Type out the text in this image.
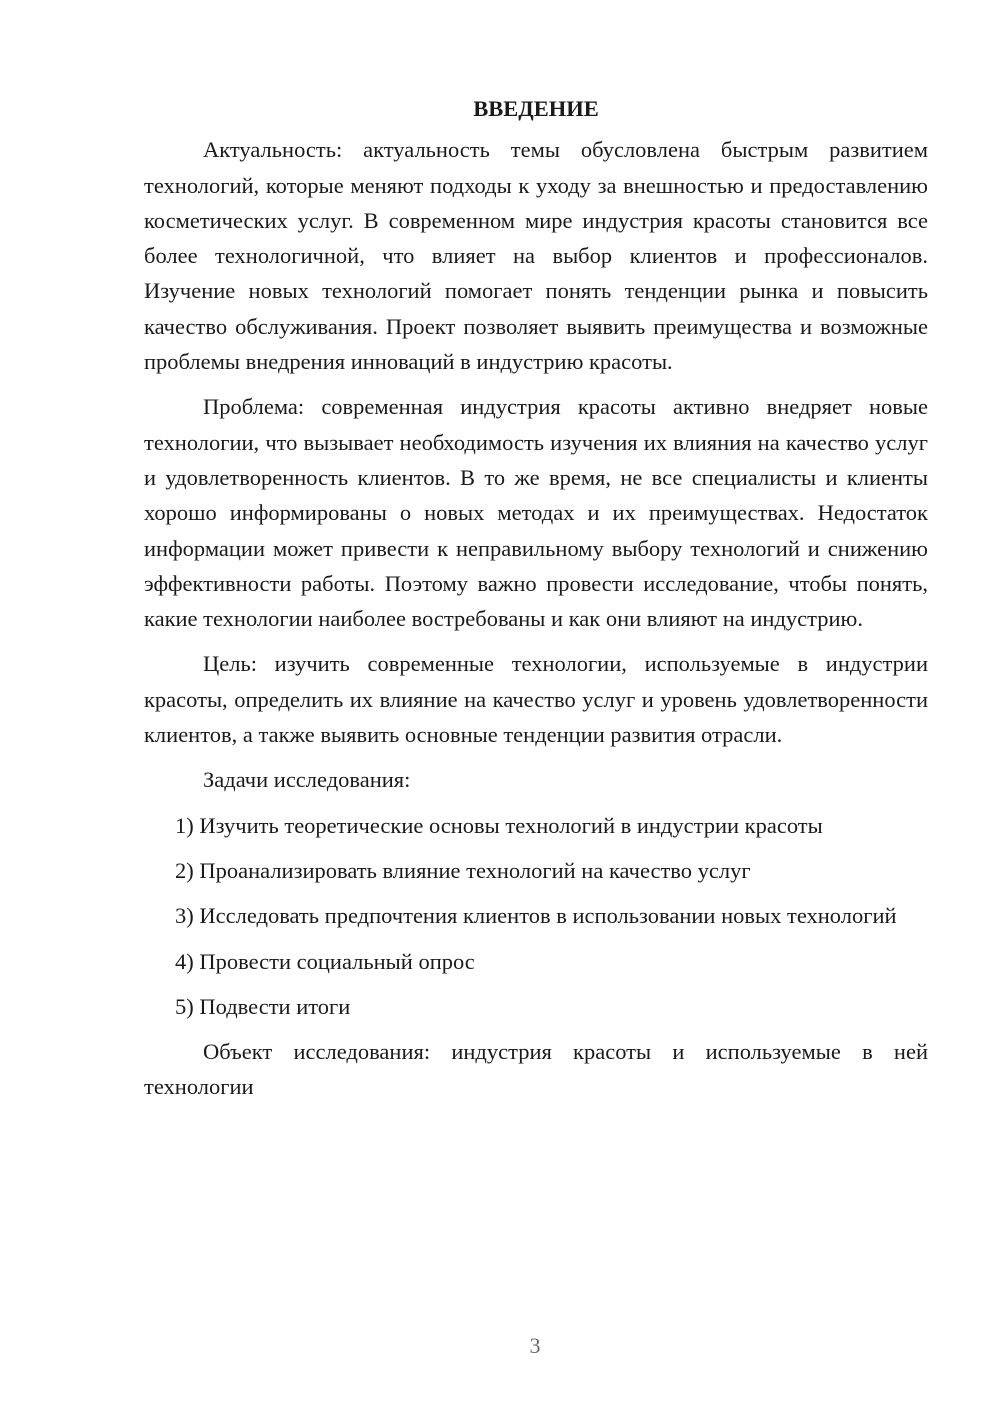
ВВЕДЕНИЕ

Актуальность: актуальность темы обусловлена быстрым развитием технологий, которые меняют подходы к уходу за внешностью и предоставлению косметических услуг. В современном мире индустрия красоты становится все более технологичной, что влияет на выбор клиентов и профессионалов. Изучение новых технологий помогает понять тенденции рынка и повысить качество обслуживания. Проект позволяет выявить преимущества и возможные проблемы внедрения инноваций в индустрию красоты.

Проблема: современная индустрия красоты активно внедряет новые технологии, что вызывает необходимость изучения их влияния на качество услуг и удовлетворенность клиентов. В то же время, не все специалисты и клиенты хорошо информированы о новых методах и их преимуществах. Недостаток информации может привести к неправильному выбору технологий и снижению эффективности работы. Поэтому важно провести исследование, чтобы понять, какие технологии наиболее востребованы и как они влияют на индустрию.

Цель: изучить современные технологии, используемые в индустрии красоты, определить их влияние на качество услуг и уровень удовлетворенности клиентов, а также выявить основные тенденции развития отрасли.

Задачи исследования:

1) Изучить теоретические основы технологий в индустрии красоты

2) Проанализировать влияние технологий на качество услуг

3) Исследовать предпочтения клиентов в использовании новых технологий

4) Провести социальный опрос

5) Подвести итоги

Объект исследования: индустрия красоты и используемые в ней технологии

3
